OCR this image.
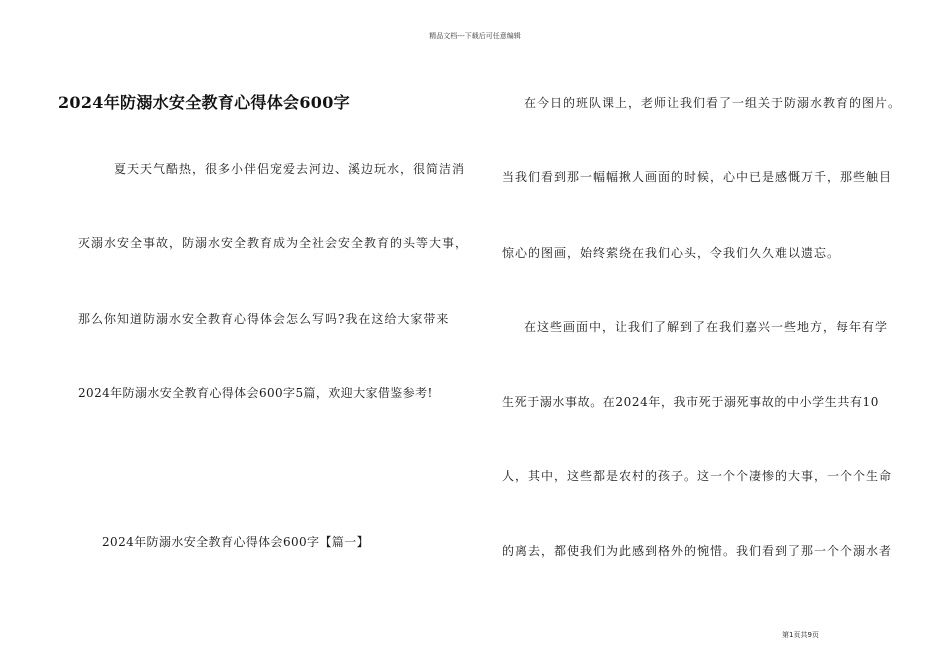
精品文档---下载后可任意编辑
2024年防溺水安全教育心得体会600字
夏天天气酷热，很多小伴侣宠爱去河边、溪边玩水，很简洁消
灭溺水安全事故，防溺水安全教育成为全社会安全教育的头等大事，
那么你知道防溺水安全教育心得体会怎么写吗?我在这给大家带来
2024年防溺水安全教育心得体会600字5篇，欢迎大家借鉴参考!
2024年防溺水安全教育心得体会600字【篇一】
在今日的班队课上，老师让我们看了一组关于防溺水教育的图片。
当我们看到那一幅幅揪人画面的时候，心中已是感慨万千，那些触目
惊心的图画，始终萦绕在我们心头，令我们久久难以遗忘。
在这些画面中，让我们了解到了在我们嘉兴一些地方，每年有学
生死于溺水事故。在2024年，我市死于溺死事故的中小学生共有10
人，其中，这些都是农村的孩子。这一个个凄惨的大事，一个个生命
的离去，都使我们为此感到格外的惋惜。我们看到了那一个个溺水者
第1页共9页
